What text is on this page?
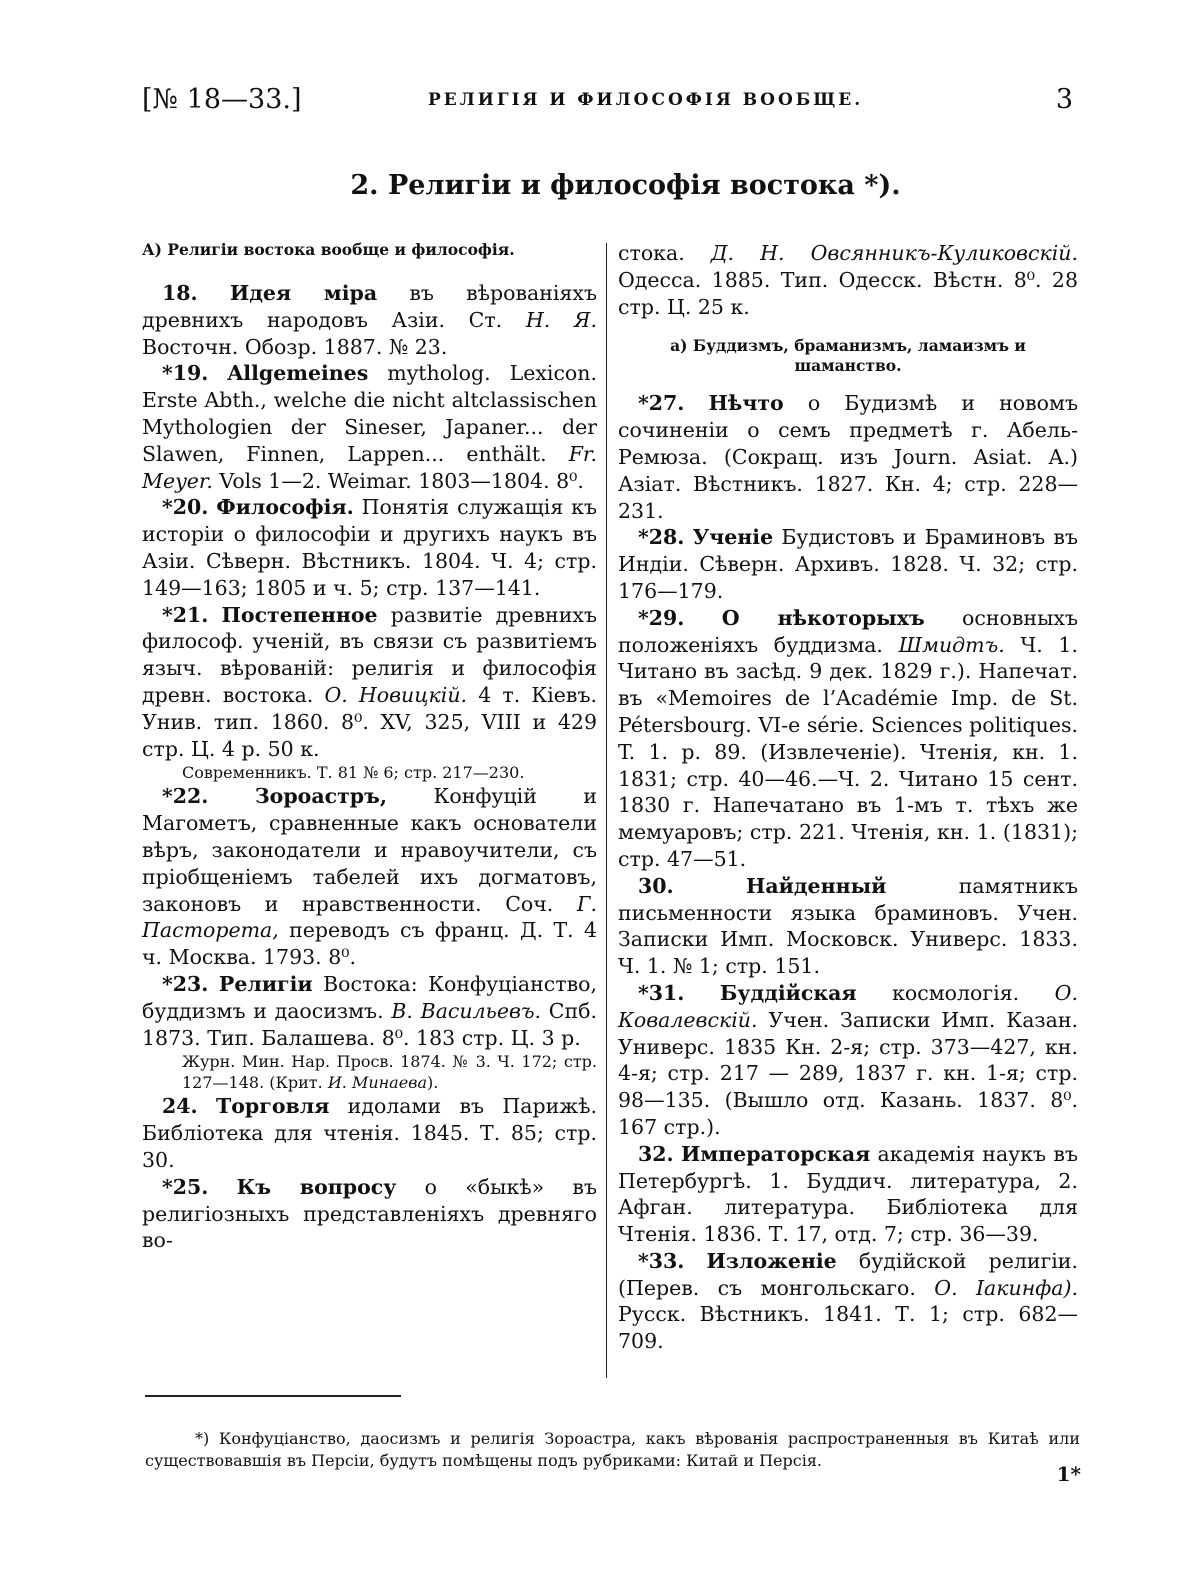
[№ 18—33.]	РЕЛИГІЯ И ФИЛОСОФІЯ ВООБЩЕ.	3
2. Религіи и философія востока *).

А) Религіи востока вообще и философія.

18. Идея міра въ вѣрованіяхъ древнихъ народовъ Азіи. Ст. Н. Я. Восточн. Обозр. 1887. № 23.

*19. Allgemeines mytholog. Lexicon. Erste Abth., welche die nicht altclassischen Mythologien der Sineser, Japaner... der Slawen, Finnen, Lappen... enthält. Fr. Meyer. Vols 1—2. Weimar. 1803—1804. 8⁰.

*20. Философія. Понятія служащія къ исторіи о философіи и другихъ наукъ въ Азіи. Сѣверн. Вѣстникъ. 1804. Ч. 4; стр. 149—163; 1805 и ч. 5; стр. 137—141.

*21. Постепенное развитіе древнихъ философ. ученій, въ связи съ развитіемъ языч. вѣрованій: религія и философія древн. востока. О. Новицкій. 4 т. Кіевъ. Унив. тип. 1860. 8⁰. XV, 325, VIII и 429 стр. Ц. 4 р. 50 к.

Современникъ. Т. 81 № 6; стр. 217—230.

*22. Зороастръ, Конфуцій и Магометъ, сравненные какъ основатели вѣръ, законодатели и нравоучители, съ пріобщеніемъ табелей ихъ догматовъ, законовъ и нравственности. Соч. Г. Пасторета, переводъ съ франц. Д. Т. 4 ч. Москва. 1793. 8⁰.

*23. Религіи Востока: Конфуціанство, буддизмъ и даосизмъ. В. Васильевъ. Спб. 1873. Тип. Балашева. 8⁰. 183 стр. Ц. 3 р.

Журн. Мин. Нар. Просв. 1874. № 3. Ч. 172; стр. 127—148. (Крит. И. Минаева).

24. Торговля идолами въ Парижѣ. Библіотека для чтенія. 1845. Т. 85; стр. 30.

*25. Къ вопросу о «быкѣ» въ религіозныхъ представленіяхъ древняго во-

стока. Д. Н. Овсянникъ-Куликовскій. Одесса. 1885. Тип. Одесск. Вѣстн. 8⁰. 28 стр. Ц. 25 к.

а) Буддизмъ, браманизмъ, ламаизмъ и шаманство.

*27. Нѣчто о Будизмѣ и новомъ сочиненіи о семъ предметѣ г. Абель-Ремюза. (Сокращ. изъ Journ. Asiat. A.) Азіат. Вѣстникъ. 1827. Кн. 4; стр. 228—231.

*28. Ученіе Будистовъ и Браминовъ въ Индіи. Сѣверн. Архивъ. 1828. Ч. 32; стр. 176—179.

*29. О нѣкоторыхъ основныхъ положеніяхъ буддизма. Шмидтъ. Ч. 1. Читано въ засѣд. 9 дек. 1829 г.). Напечат. въ «Memoires de l’Académie Imp. de St. Pétersbourg. VI-e série. Sciences politiques. T. 1. p. 89. (Извлеченіе). Чтенія, кн. 1. 1831; стр. 40—46.—Ч. 2. Читано 15 сент. 1830 г. Напечатано въ 1-мъ т. тѣхъ же мемуаровъ; стр. 221. Чтенія, кн. 1. (1831); стр. 47—51.

30.	Найденный памятникъ письменности языка браминовъ. Учен. Записки Имп. Московск. Универс. 1833. Ч. 1. № 1; стр. 151.

*31. Буддійская космологія. О. Ковалевскій. Учен. Записки Имп. Казан. Универс. 1835 Кн. 2-я; стр. 373—427, кн. 4-я; стр. 217 — 289, 1837 г. кн. 1-я; стр. 98—135. (Вышло отд. Казань. 1837. 8⁰. 167 стр.).

32. Императорская академія наукъ въ Петербургѣ. 1. Буддич. литература, 2. Афган. литература. Библіотека для Чтенія. 1836. Т. 17, отд. 7; стр. 36—39.

*33. Изложеніе будійской религіи. (Перев. съ монгольскаго. О. Іакинфа). Русск. Вѣстникъ. 1841. Т. 1; стр. 682—709.

*) Конфуціанство, даосизмъ и религія Зороастра, какъ вѣрованія распространенныя въ Китаѣ или существовавшія въ Персіи, будутъ помѣщены подъ рубриками: Китай и Персія.

1*
